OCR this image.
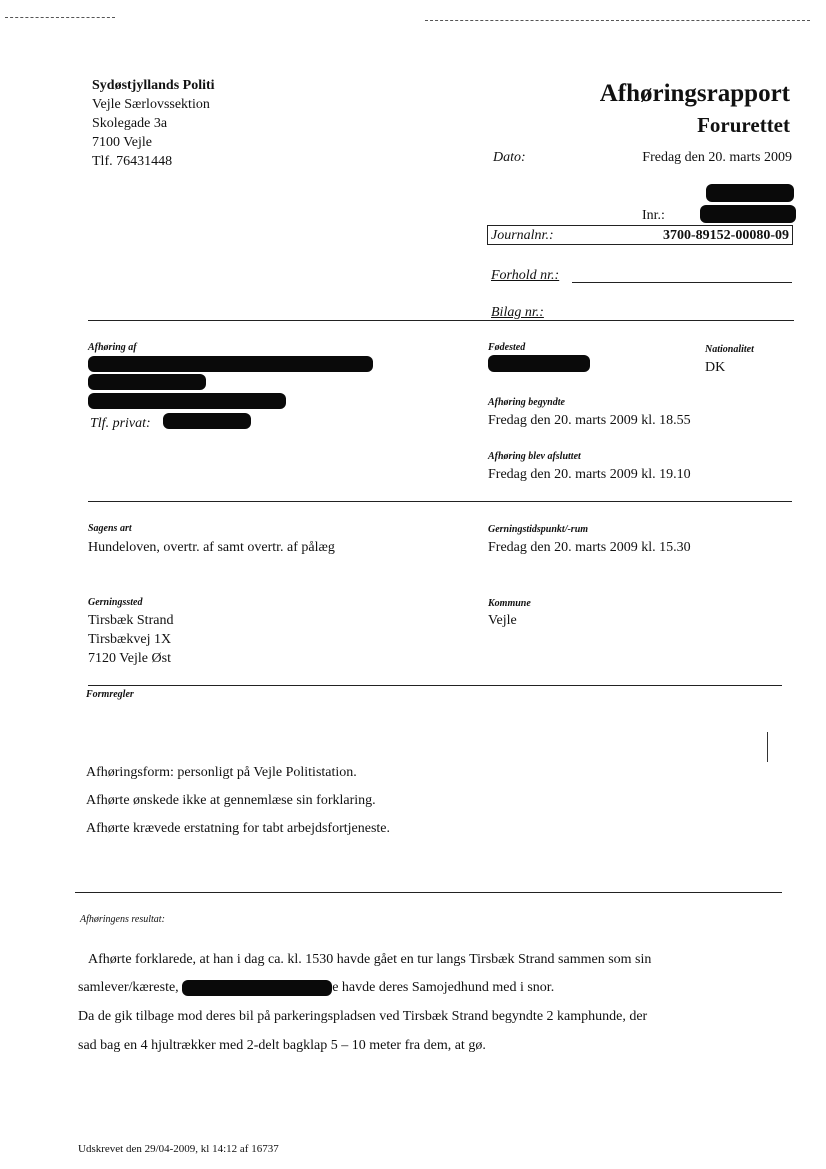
Sydøstjyllands Politi
Vejle Særlovssektion
Skolegade 3a
7100 Vejle
Tlf. 76431448
Afhøringsrapport
Forurettet
Dato:	Fredag den 20. marts 2009
Inr.:
Journalnr.:	3700-89152-00080-09
Forhold nr.:
Bilag nr.:
Afhøring af
Tlf. privat:
Fødested	Nationalitet
DK
Afhøring begyndte
Fredag den 20. marts 2009 kl. 18.55
Afhøring blev afsluttet
Fredag den 20. marts 2009 kl. 19.10
Sagens art
Hundeloven, overtr. af samt overtr. af pålæg
Gerningstidspunkt/-rum
Fredag den 20. marts 2009 kl. 15.30
Gerningssted
Tirsbæk Strand
Tirsbækvej 1X
7120 Vejle Øst
Kommune
Vejle
Formregler
Afhøringsform: personligt på Vejle Politistation.
Afhørte ønskede ikke at gennemlæse sin forklaring.
Afhørte krævede erstatning for tabt arbejdsfortjeneste.
Afhøringens resultat:
Afhørte forklarede, at han i dag ca. kl. 1530 havde gået en tur langs Tirsbæk Strand sammen som sin
samlever/kæreste,	e havde deres Samojedhund med i snor.
Da de gik tilbage mod deres bil på parkeringspladsen ved Tirsbæk Strand begyndte 2 kamphunde, der
sad bag en 4 hjultrækker med 2-delt bagklap 5 – 10 meter fra dem, at gø.
Udskrevet den 29/04-2009, kl 14:12 af 16737
